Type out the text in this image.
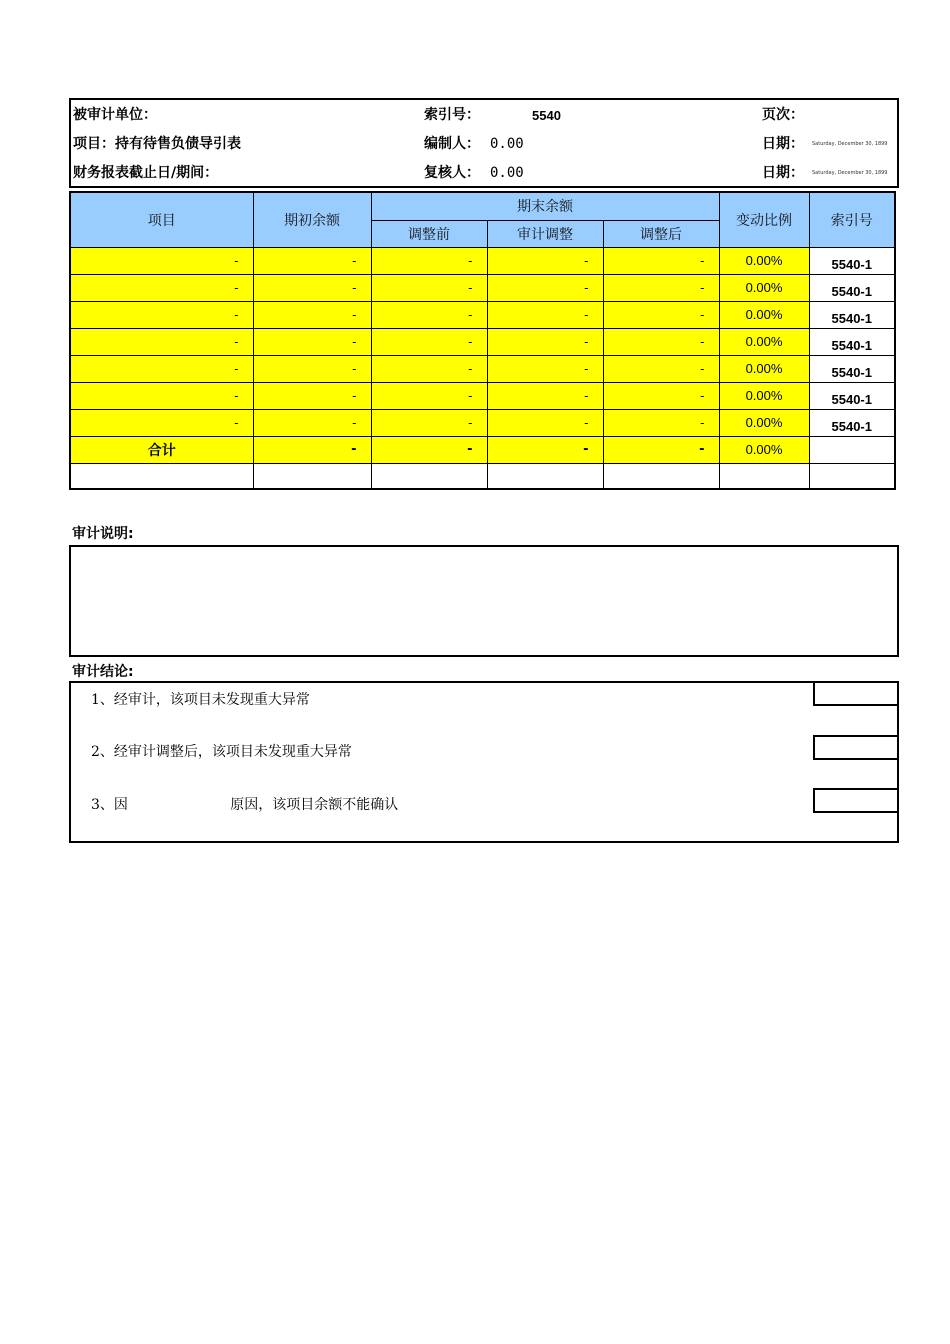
被审计单位：	索引号：	5540	页次：
项目：持有待售负债导引表	编制人： 0.00	日期： Saturday, December 30, 1899
财务报表截止日/期间：	复核人： 0.00	日期： Saturday, December 30, 1899
项目	期初余额	期末余额			变动比例	索引号
		调整前	审计调整	调整后		
-	-	-	-	-	0.00%	5540-1
-	-	-	-	-	0.00%	5540-1
-	-	-	-	-	0.00%	5540-1
-	-	-	-	-	0.00%	5540-1
-	-	-	-	-	0.00%	5540-1
-	-	-	-	-	0.00%	5540-1
-	-	-	-	-	0.00%	5540-1
合计	-	-	-	-	0.00%	

审计说明:
审计结论:
1、经审计，该项目未发现重大异常
2、经审计调整后，该项目未发现重大异常
3、因                       原因，该项目余额不能确认
